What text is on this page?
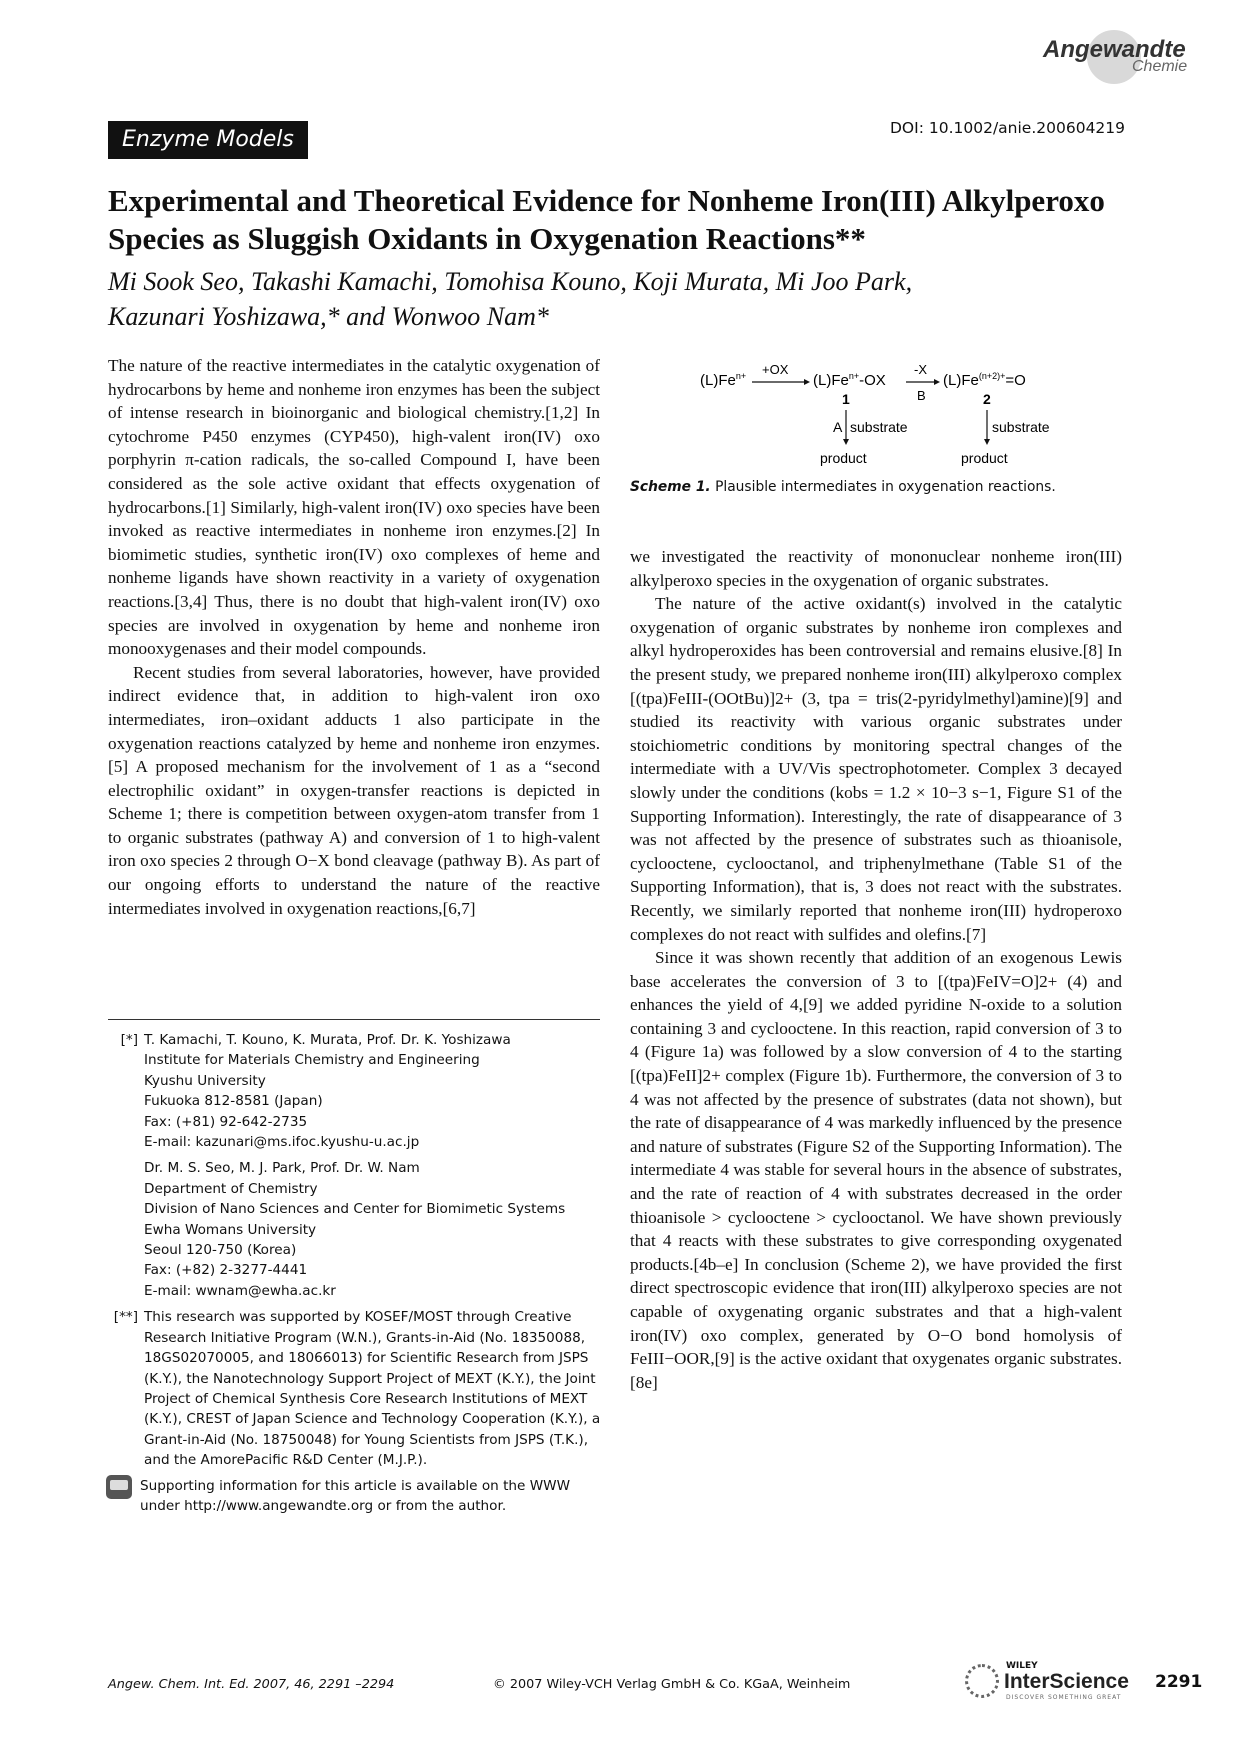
Angewandte
Chemie
DOI: 10.1002/anie.200604219
Enzyme Models
Experimental and Theoretical Evidence for Nonheme Iron(III) Alkylperoxo Species as Sluggish Oxidants in Oxygenation Reactions**
Mi Sook Seo, Takashi Kamachi, Tomohisa Kouno, Koji Murata, Mi Joo Park,
Kazunari Yoshizawa,* and Wonwoo Nam*

The nature of the reactive intermediates in the catalytic oxygenation of hydrocarbons by heme and nonheme iron enzymes has been the subject of intense research in bioinorganic and biological chemistry.[1,2] In cytochrome P450 enzymes (CYP450), high-valent iron(IV) oxo porphyrin π-cation radicals, the so-called Compound I, have been considered as the sole active oxidant that effects oxygenation of hydrocarbons.[1] Similarly, high-valent iron(IV) oxo species have been invoked as reactive intermediates in nonheme iron enzymes.[2] In biomimetic studies, synthetic iron(IV) oxo complexes of heme and nonheme ligands have shown reactivity in a variety of oxygenation reactions.[3,4] Thus, there is no doubt that high-valent iron(IV) oxo species are involved in oxygenation by heme and nonheme iron monooxygenases and their model compounds.

Recent studies from several laboratories, however, have provided indirect evidence that, in addition to high-valent iron oxo intermediates, iron–oxidant adducts 1 also participate in the oxygenation reactions catalyzed by heme and nonheme iron enzymes.[5] A proposed mechanism for the involvement of 1 as a “second electrophilic oxidant” in oxygen-transfer reactions is depicted in Scheme 1; there is competition between oxygen-atom transfer from 1 to organic substrates (pathway A) and conversion of 1 to high-valent iron oxo species 2 through O−X bond cleavage (pathway B). As part of our ongoing efforts to understand the nature of the reactive intermediates involved in oxygenation reactions,[6,7]

$(L)Fe^{n+} +OX$
$(L)Fe^{n+}-OX$
1
-X
B
$(L)Fe^{(n+2)+}=O$
2
A substrate
product
substrate
product
Scheme 1. Plausible intermediates in oxygenation reactions.

we investigated the reactivity of mononuclear nonheme iron(III) alkylperoxo species in the oxygenation of organic substrates.

The nature of the active oxidant(s) involved in the catalytic oxygenation of organic substrates by nonheme iron complexes and alkyl hydroperoxides has been controversial and remains elusive.[8] In the present study, we prepared nonheme iron(III) alkylperoxo complex [(tpa)FeIII-(OOtBu)]2+ (3, tpa = tris(2-pyridylmethyl)amine)[9] and studied its reactivity with various organic substrates under stoichiometric conditions by monitoring spectral changes of the intermediate with a UV/Vis spectrophotometer. Complex 3 decayed slowly under the conditions (kobs = 1.2 × 10−3 s−1, Figure S1 of the Supporting Information). Interestingly, the rate of disappearance of 3 was not affected by the presence of substrates such as thioanisole, cyclooctene, cyclooctanol, and triphenylmethane (Table S1 of the Supporting Information), that is, 3 does not react with the substrates. Recently, we similarly reported that nonheme iron(III) hydroperoxo complexes do not react with sulfides and olefins.[7]

Since it was shown recently that addition of an exogenous Lewis base accelerates the conversion of 3 to [(tpa)FeIV=O]2+ (4) and enhances the yield of 4,[9] we added pyridine N-oxide to a solution containing 3 and cyclooctene. In this reaction, rapid conversion of 3 to 4 (Figure 1a) was followed by a slow conversion of 4 to the starting [(tpa)FeII]2+ complex (Figure 1b). Furthermore, the conversion of 3 to 4 was not affected by the presence of substrates (data not shown), but the rate of disappearance of 4 was markedly influenced by the presence and nature of substrates (Figure S2 of the Supporting Information). The intermediate 4 was stable for several hours in the absence of substrates, and the rate of reaction of 4 with substrates decreased in the order thioanisole > cyclooctene > cyclooctanol. We have shown previously that 4 reacts with these substrates to give corresponding oxygenated products.[4b–e] In conclusion (Scheme 2), we have provided the first direct spectroscopic evidence that iron(III) alkylperoxo species are not capable of oxygenating organic substrates and that a high-valent iron(IV) oxo complex, generated by O−O bond homolysis of FeIII−OOR,[9] is the active oxidant that oxygenates organic substrates.[8e]

[*] T. Kamachi, T. Kouno, K. Murata, Prof. Dr. K. Yoshizawa
Institute for Materials Chemistry and Engineering
Kyushu University
Fukuoka 812-8581 (Japan)
Fax: (+81) 92-642-2735
E-mail: kazunari@ms.ifoc.kyushu-u.ac.jp
Dr. M. S. Seo, M. J. Park, Prof. Dr. W. Nam
Department of Chemistry
Division of Nano Sciences and Center for Biomimetic Systems
Ewha Womans University
Seoul 120-750 (Korea)
Fax: (+82) 2-3277-4441
E-mail: wwnam@ewha.ac.kr
[**] This research was supported by KOSEF/MOST through Creative Research Initiative Program (W.N.), Grants-in-Aid (No. 18350088, 18GS02070005, and 18066013) for Scientific Research from JSPS (K.Y.), the Nanotechnology Support Project of MEXT (K.Y.), the Joint Project of Chemical Synthesis Core Research Institutions of MEXT (K.Y.), CREST of Japan Science and Technology Cooperation (K.Y.), a Grant-in-Aid (No. 18750048) for Young Scientists from JSPS (T.K.), and the AmorePacific R&D Center (M.J.P.).
Supporting information for this article is available on the WWW under http://www.angewandte.org or from the author.
Angew. Chem. Int. Ed. 2007, 46, 2291 –2294	© 2007 Wiley-VCH Verlag GmbH & Co. KGaA, Weinheim
WILEY
InterScience
DISCOVER SOMETHING GREAT
2291
